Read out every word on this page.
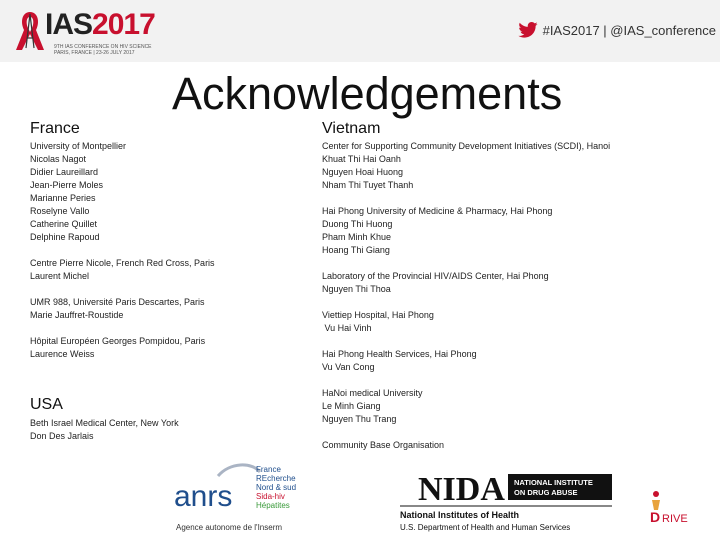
IAS2017
9TH IAS CONFERENCE ON HIV SCIENCE
PARIS, FRANCE | 23-26 JULY 2017
#IAS2017 | @IAS_conference
Acknowledgements
France

University of Montpellier

Nicolas Nagot

Didier Laureillard

Jean-Pierre Moles

Marianne Peries

Roselyne Vallo

Catherine Quillet

Delphine Rapoud

Centre Pierre Nicole, French Red Cross, Paris

Laurent Michel

UMR 988, Université Paris Descartes, Paris

Marie Jauffret-Roustide

Hôpital Européen Georges Pompidou, Paris

Laurence Weiss

USA

Beth Israel Medical Center, New York

Don Des Jarlais

Vietnam

Center for Supporting Community Development Initiatives (SCDI), Hanoi

Khuat Thi Hai Oanh

Nguyen Hoai Huong

Nham Thi Tuyet Thanh

Hai Phong University of Medicine & Pharmacy, Hai Phong

Duong Thi Huong

Pham Minh Khue

Hoang Thi Giang

Laboratory of the Provincial HIV/AIDS Center, Hai Phong

Nguyen Thi Thoa

Viettiep Hospital, Hai Phong

Vu Hai Vinh

Hai Phong Health Services, Hai Phong

Vu Van Cong

HaNoi medical University

Le Minh Giang

Nguyen Thu Trang

Community Base Organisation

anrs
France
REcherche
Nord & sud
Sida-hiv
Hépatites
Agence autonome de l'Inserm
NIDA NATIONAL INSTITUTE
ON DRUG ABUSE
National Institutes of Health
U.S. Department of Health and Human Services
D RIVE
